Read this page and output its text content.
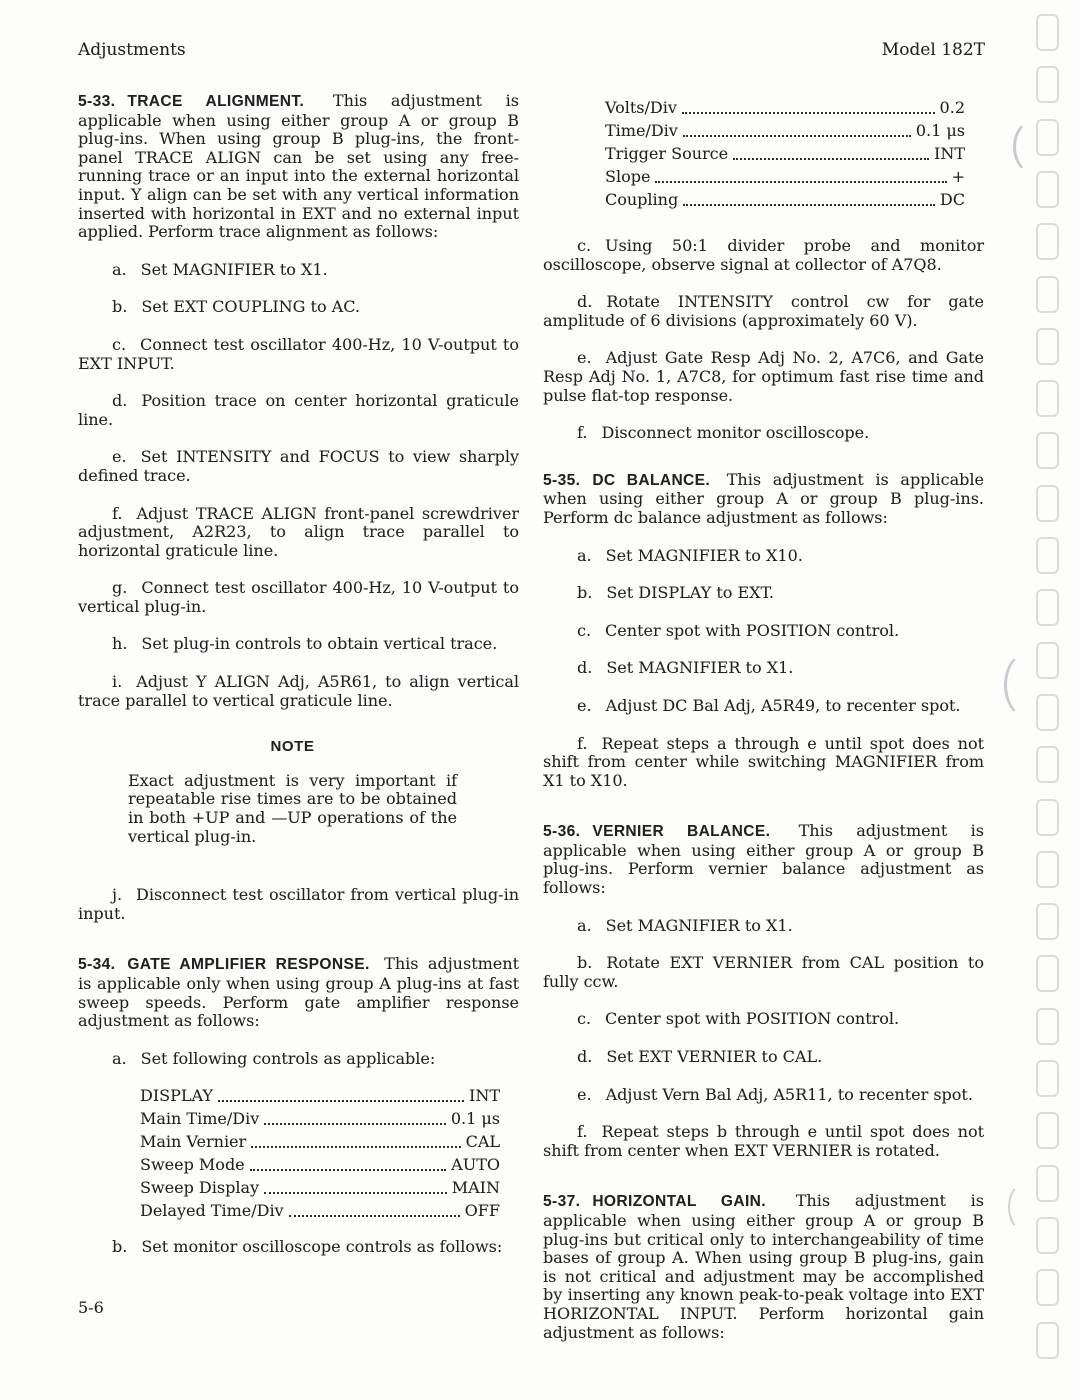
Adjustments	Model 182T

5-33. TRACE ALIGNMENT. This adjustment is applicable when using either group A or group B plug-ins. When using group B plug-ins, the front-panel TRACE ALIGN can be set using any free-running trace or an input into the external horizontal input. Y align can be set with any vertical information inserted with horizontal in EXT and no external input applied. Perform trace alignment as follows:

a. Set MAGNIFIER to X1.

b. Set EXT COUPLING to AC.

c. Connect test oscillator 400-Hz, 10 V-output to EXT INPUT.

d. Position trace on center horizontal graticule line.

e. Set INTENSITY and FOCUS to view sharply defined trace.

f. Adjust TRACE ALIGN front-panel screwdriver adjustment, A2R23, to align trace parallel to horizontal graticule line.

g. Connect test oscillator 400-Hz, 10 V-output to vertical plug-in.

h. Set plug-in controls to obtain vertical trace.

i. Adjust Y ALIGN Adj, A5R61, to align vertical trace parallel to vertical graticule line.

NOTE

Exact adjustment is very important if repeatable rise times are to be obtained in both +UP and —UP operations of the vertical plug-in.

j. Disconnect test oscillator from vertical plug-in input.

5-34. GATE AMPLIFIER RESPONSE. This adjustment is applicable only when using group A plug-ins at fast sweep speeds. Perform gate amplifier response adjustment as follows:

a. Set following controls as applicable:

DISPLAY	INT
Main Time/Div	0.1 μs
Main Vernier	CAL
Sweep Mode	AUTO
Sweep Display	MAIN
Delayed Time/Div	OFF

b. Set monitor oscilloscope controls as follows:

Volts/Div	0.2
Time/Div	0.1 μs
Trigger Source	INT
Slope	+
Coupling	DC

c. Using 50:1 divider probe and monitor oscilloscope, observe signal at collector of A7Q8.

d. Rotate INTENSITY control cw for gate amplitude of 6 divisions (approximately 60 V).

e. Adjust Gate Resp Adj No. 2, A7C6, and Gate Resp Adj No. 1, A7C8, for optimum fast rise time and pulse flat-top response.

f. Disconnect monitor oscilloscope.

5-35. DC BALANCE. This adjustment is applicable when using either group A or group B plug-ins. Perform dc balance adjustment as follows:

a. Set MAGNIFIER to X10.

b. Set DISPLAY to EXT.

c. Center spot with POSITION control.

d. Set MAGNIFIER to X1.

e. Adjust DC Bal Adj, A5R49, to recenter spot.

f. Repeat steps a through e until spot does not shift from center while switching MAGNIFIER from X1 to X10.

5-36. VERNIER BALANCE. This adjustment is applicable when using either group A or group B plug-ins. Perform vernier balance adjustment as follows:

a. Set MAGNIFIER to X1.

b. Rotate EXT VERNIER from CAL position to fully ccw.

c. Center spot with POSITION control.

d. Set EXT VERNIER to CAL.

e. Adjust Vern Bal Adj, A5R11, to recenter spot.

f. Repeat steps b through e until spot does not shift from center when EXT VERNIER is rotated.

5-37. HORIZONTAL GAIN. This adjustment is applicable when using either group A or group B plug-ins but critical only to interchangeability of time bases of group A. When using group B plug-ins, gain is not critical and adjustment may be accomplished by inserting any known peak-to-peak voltage into EXT HORIZONTAL INPUT. Perform horizontal gain adjustment as follows:

5-6
